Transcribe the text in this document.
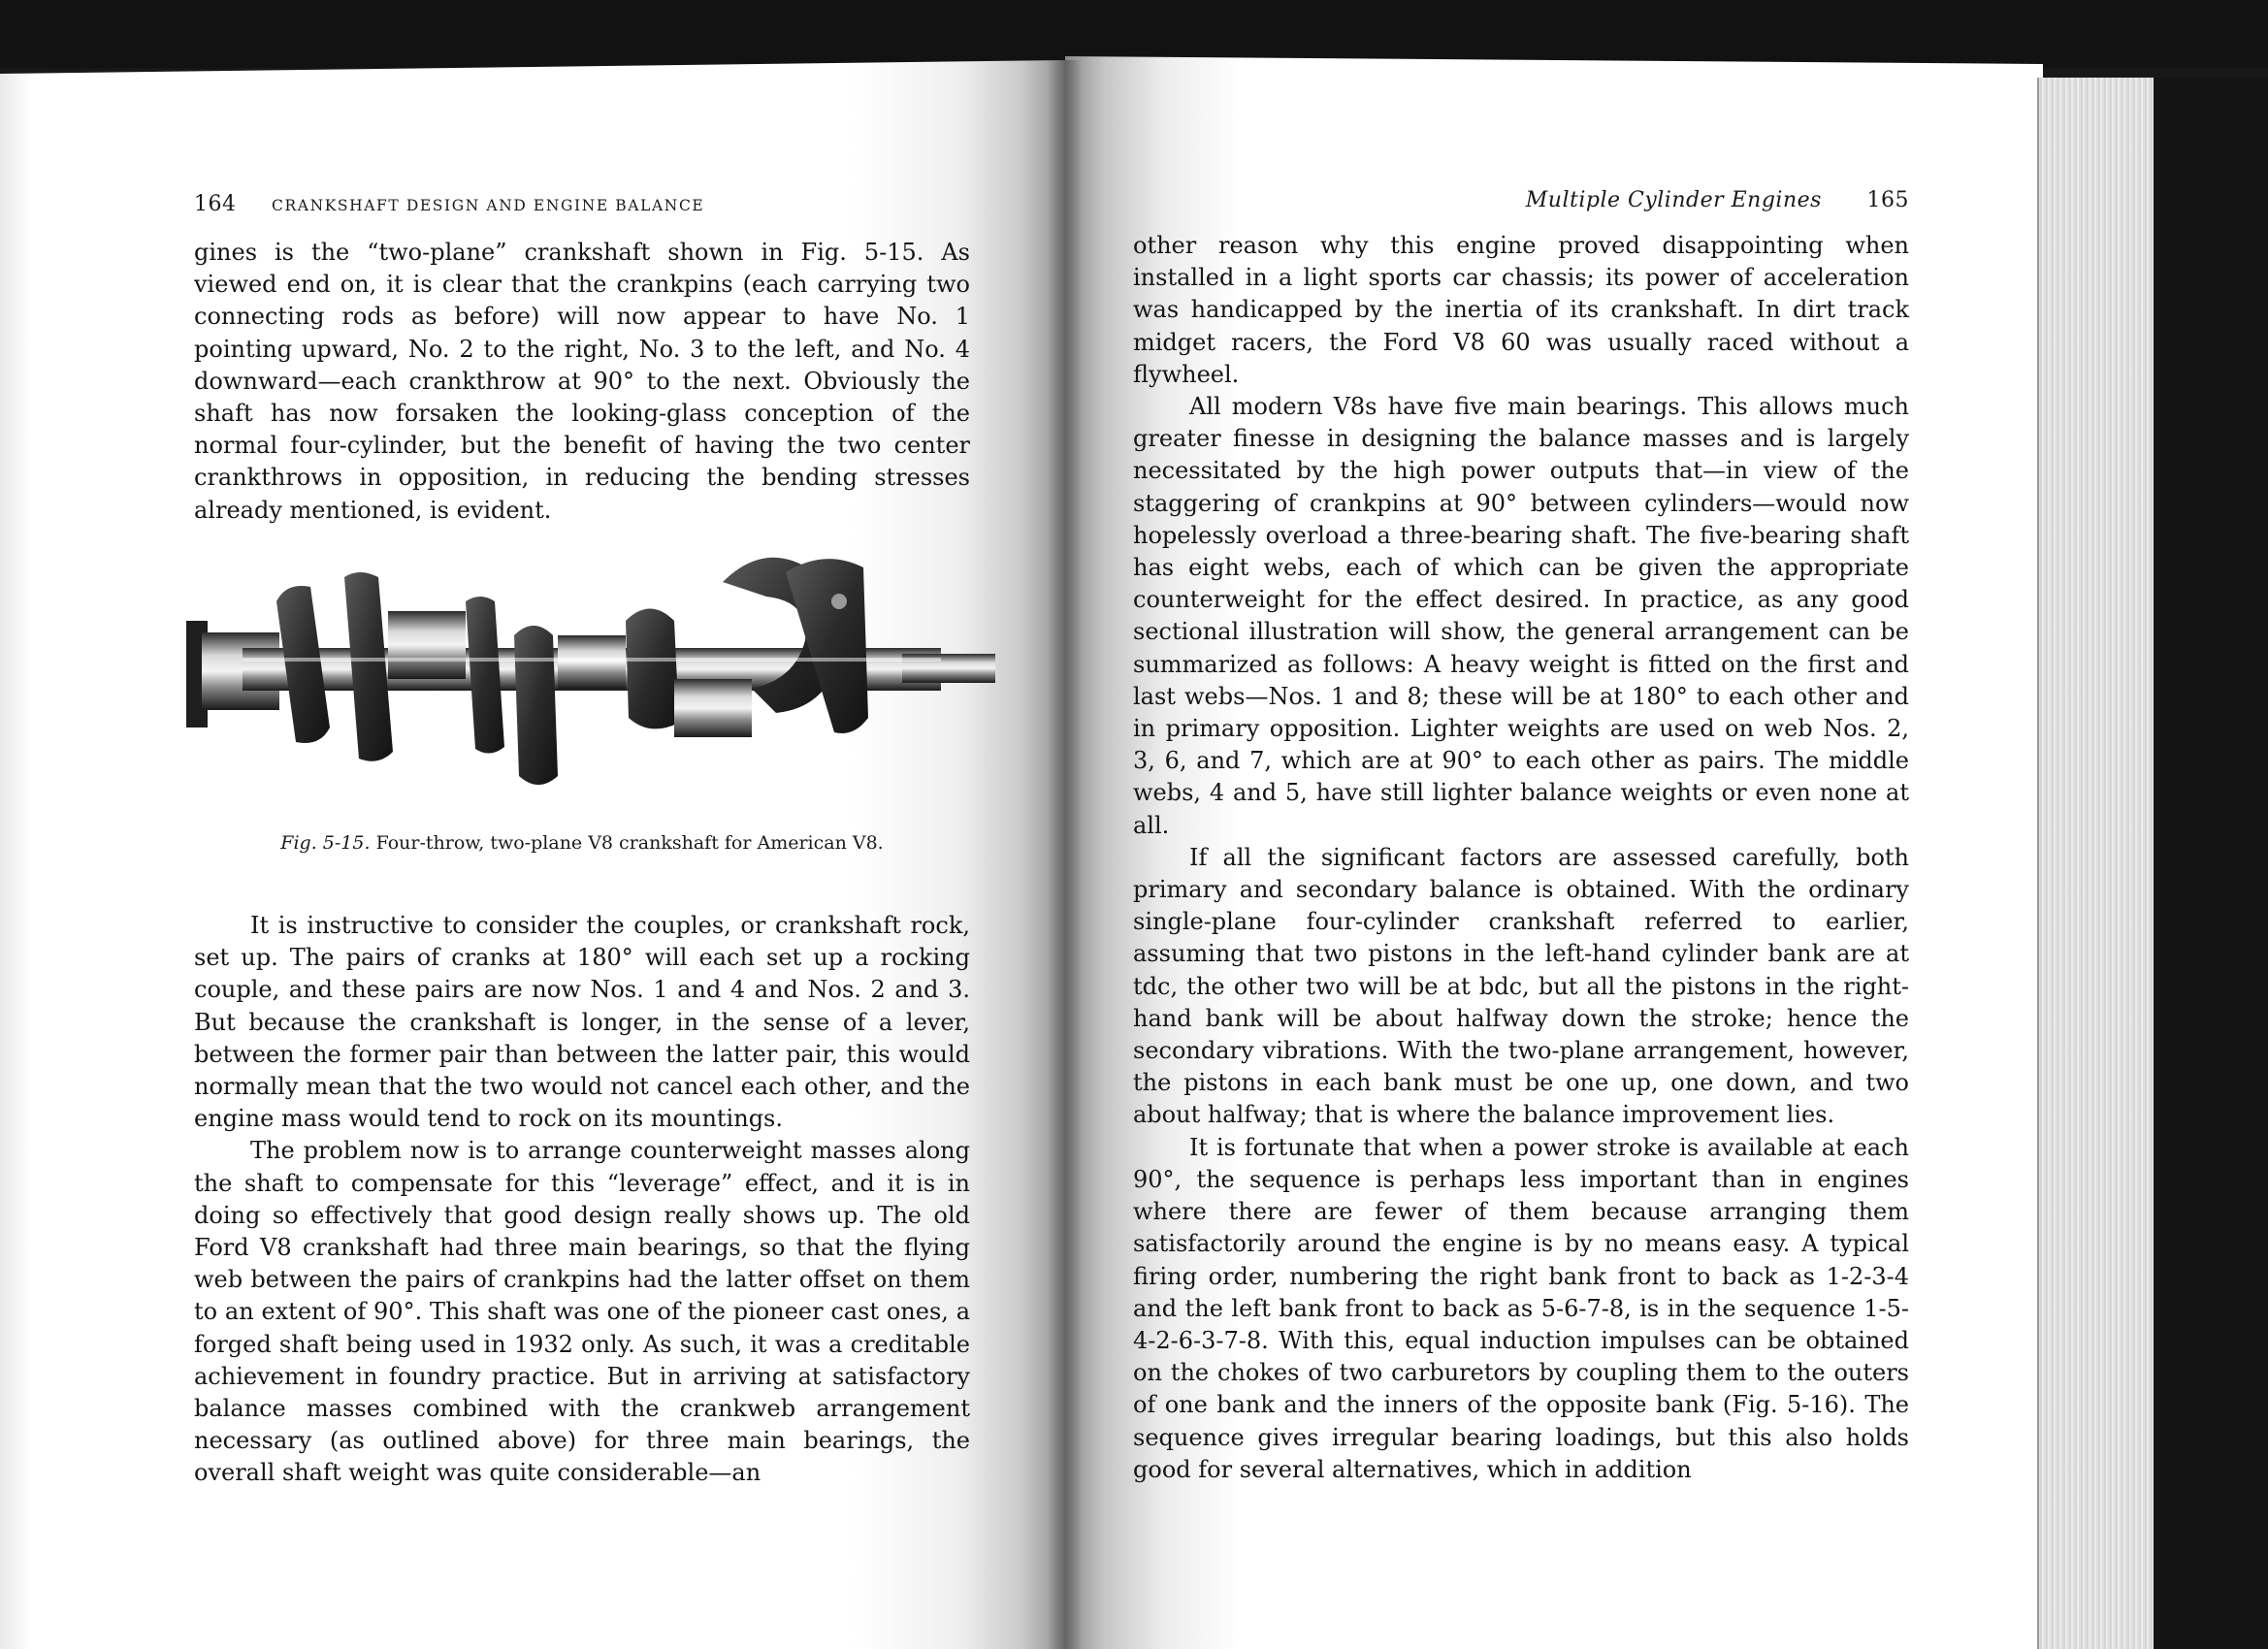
164 CRANKSHAFT DESIGN AND ENGINE BALANCE	Multiple Cylinder Engines 165

gines is the “two-plane” crankshaft shown in Fig. 5-15. As viewed end on, it is clear that the crankpins (each carrying two connecting rods as before) will now appear to have No. 1 pointing upward, No. 2 to the right, No. 3 to the left, and No. 4 downward—each crankthrow at 90° to the next. Obviously the shaft has now forsaken the looking-glass conception of the normal four-cylinder, but the benefit of having the two center crankthrows in opposition, in reducing the bending stresses already mentioned, is evident.

Fig. 5-15. Four-throw, two-plane V8 crankshaft for American V8.

It is instructive to consider the couples, or crankshaft rock, set up. The pairs of cranks at 180° will each set up a rocking couple, and these pairs are now Nos. 1 and 4 and Nos. 2 and 3. But because the crankshaft is longer, in the sense of a lever, between the former pair than between the latter pair, this would normally mean that the two would not cancel each other, and the engine mass would tend to rock on its mountings.

The problem now is to arrange counterweight masses along the shaft to compensate for this “leverage” effect, and it is in doing so effectively that good design really shows up. The old Ford V8 crankshaft had three main bearings, so that the flying web between the pairs of crankpins had the latter offset on them to an extent of 90°. This shaft was one of the pioneer cast ones, a forged shaft being used in 1932 only. As such, it was a creditable achievement in foundry practice. But in arriving at satisfactory balance masses combined with the crankweb arrangement necessary (as outlined above) for three main bearings, the overall shaft weight was quite considerable—an

other reason why this engine proved disappointing when installed in a light sports car chassis; its power of acceleration was handicapped by the inertia of its crankshaft. In dirt track midget racers, the Ford V8 60 was usually raced without a flywheel.

All modern V8s have five main bearings. This allows much greater finesse in designing the balance masses and is largely necessitated by the high power outputs that—in view of the staggering of crankpins at 90° between cylinders—would now hopelessly overload a three-bearing shaft. The five-bearing shaft has eight webs, each of which can be given the appropriate counterweight for the effect desired. In practice, as any good sectional illustration will show, the general arrangement can be summarized as follows: A heavy weight is fitted on the first and last webs—Nos. 1 and 8; these will be at 180° to each other and in primary opposition. Lighter weights are used on web Nos. 2, 3, 6, and 7, which are at 90° to each other as pairs. The middle webs, 4 and 5, have still lighter balance weights or even none at all.

If all the significant factors are assessed carefully, both primary and secondary balance is obtained. With the ordinary single-plane four-cylinder crankshaft referred to earlier, assuming that two pistons in the left-hand cylinder bank are at tdc, the other two will be at bdc, but all the pistons in the right-hand bank will be about halfway down the stroke; hence the secondary vibrations. With the two-plane arrangement, however, the pistons in each bank must be one up, one down, and two about halfway; that is where the balance improvement lies.

It is fortunate that when a power stroke is available at each 90°, the sequence is perhaps less important than in engines where there are fewer of them because arranging them satisfactorily around the engine is by no means easy. A typical firing order, numbering the right bank front to back as 1-2-3-4 and the left bank front to back as 5-6-7-8, is in the sequence 1-5-4-2-6-3-7-8. With this, equal induction impulses can be obtained on the chokes of two carburetors by coupling them to the outers of one bank and the inners of the opposite bank (Fig. 5-16). The sequence gives irregular bearing loadings, but this also holds good for several alternatives, which in addition
